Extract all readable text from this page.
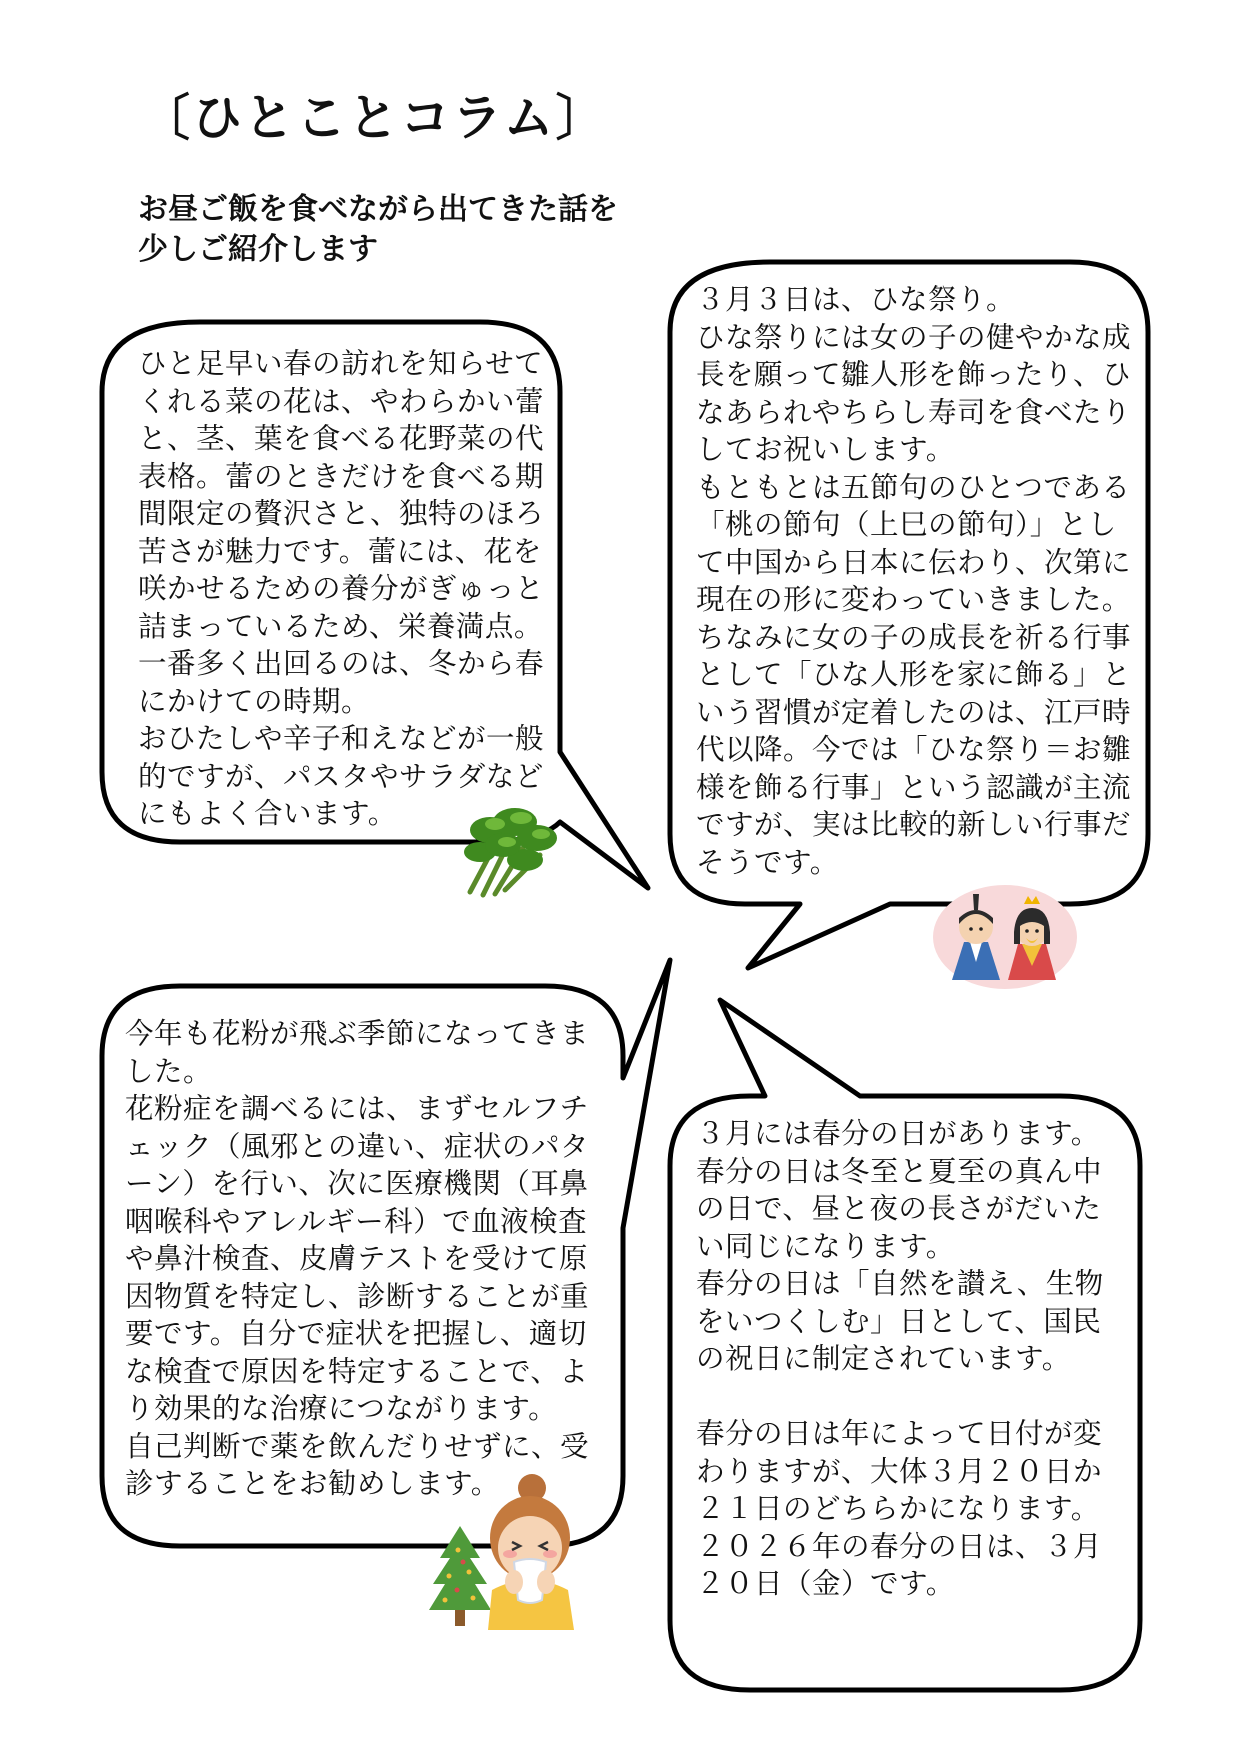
〔ひとことコラム〕
お昼ご飯を食べながら出てきた話を
少しご紹介します
ひと足早い春の訪れを知らせて
くれる菜の花は、やわらかい蕾
と、茎、葉を食べる花野菜の代
表格。蕾のときだけを食べる期
間限定の贅沢さと、独特のほろ
苦さが魅力です。蕾には、花を
咲かせるための養分がぎゅっと
詰まっているため、栄養満点。
一番多く出回るのは、冬から春
にかけての時期。
おひたしや辛子和えなどが一般
的ですが、パスタやサラダなど
にもよく合います。
３月３日は、ひな祭り。
ひな祭りには女の子の健やかな成
長を願って雛人形を飾ったり、ひ
なあられやちらし寿司を食べたり
してお祝いします。
もともとは五節句のひとつである
「桃の節句（上巳の節句）」とし
て中国から日本に伝わり、次第に
現在の形に変わっていきました。
ちなみに女の子の成長を祈る行事
として「ひな人形を家に飾る」と
いう習慣が定着したのは、江戸時
代以降。今では「ひな祭り＝お雛
様を飾る行事」という認識が主流
ですが、実は比較的新しい行事だ
そうです。
今年も花粉が飛ぶ季節になってきま
した。
花粉症を調べるには、まずセルフチ
ェック（風邪との違い、症状のパタ
ーン）を行い、次に医療機関（耳鼻
咽喉科やアレルギー科）で血液検査
や鼻汁検査、皮膚テストを受けて原
因物質を特定し、診断することが重
要です。自分で症状を把握し、適切
な検査で原因を特定することで、よ
り効果的な治療につながります。
自己判断で薬を飲んだりせずに、受
診することをお勧めします。
３月には春分の日があります。
春分の日は冬至と夏至の真ん中
の日で、昼と夜の長さがだいた
い同じになります。
春分の日は「自然を讃え、生物
をいつくしむ」日として、国民
の祝日に制定されています。
春分の日は年によって日付が変
わりますが、大体３月２０日か
２１日のどちらかになります。
２０２６年の春分の日は、３月
２０日（金）です。
